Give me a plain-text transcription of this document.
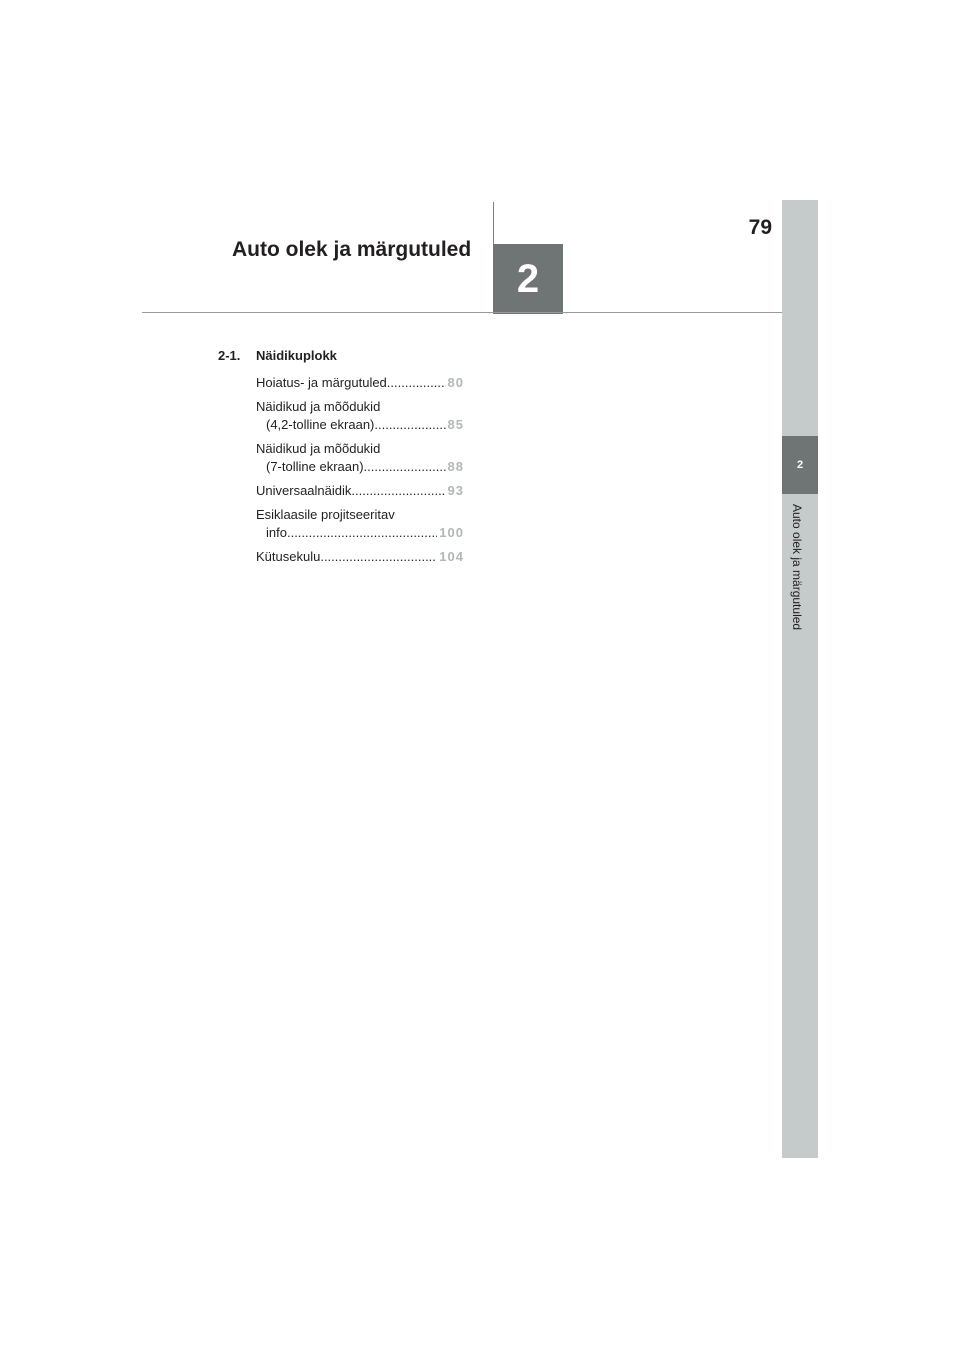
2
Auto olek ja märgutuled
79
Auto olek ja märgutuled
2
2-1.	Näidikuplokk
Hoiatus- ja märgutuled .....	80
Näidikud ja mõõdukid
(4,2-tolline ekraan) .....	85
Näidikud ja mõõdukid
(7-tolline ekraan) .....	88
Universaalnäidik .....	93
Esiklaasile projitseeritav
info .....	100
Kütusekulu .....	104
